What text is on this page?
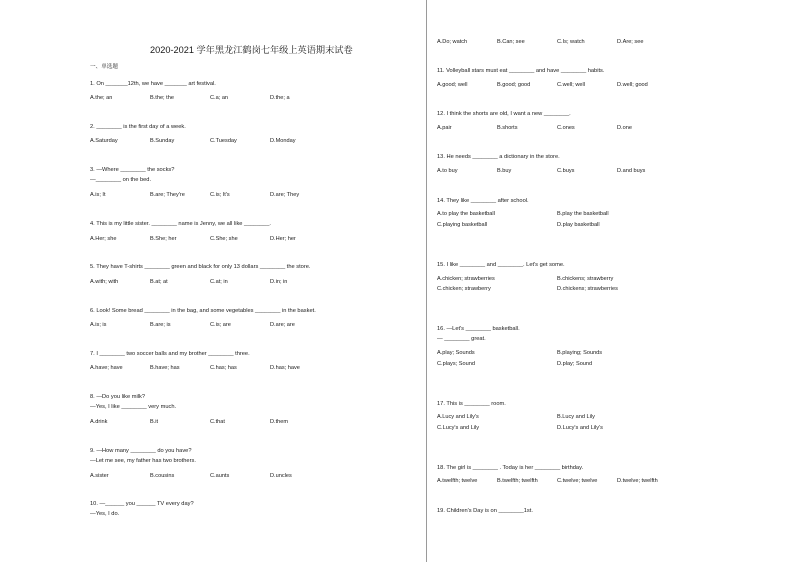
2020-2021 学年黑龙江鹤岗七年级上英语期末试卷
一、单选题
1. On _______12th, we have _______ art festival.
A.the; an	B.the; the	C.a; an	D.the; a
2. ________ is the first day of a week.
A.Saturday	B.Sunday	C.Tuesday	D.Monday
3. —Where ________ the socks?
—________ on the bed.
A.is; It	B.are; They're	C.is; It's	D.are; They
4. This is my little sister. ________ name is Jenny, we all like ________.
A.Her; she	B.She; her	C.She; she	D.Her; her
5. They have T-shirts ________ green and black for only 13 dollars ________ the store.
A.with; with	B.at; at	C.at; in	D.in; in
6. Look! Some bread ________ in the bag, and some vegetables ________ in the basket.
A.is; is	B.are; is	C.is; are	D.are; are
7. I ________ two soccer balls and my brother ________ three.
A.have; have	B.have; has	C.has; has	D.has; have
8. —Do you like milk?
—Yes, I like ________ very much.
A.drink	B.it	C.that	D.them
9. —How many ________ do you have?
—Let me see, my father has two brothers.
A.sister	B.cousins	C.aunts	D.uncles
10. —______ you ______ TV every day?
—Yes, I do.
A.Do; watch	B.Can; see	C.Is; watch	D.Are; see
11. Volleyball stars must eat ________ and have ________ habits.
A.good; well	B.good; good	C.well; well	D.well; good
12. I think the shorts are old, I want a new ________.
A.pair	B.shorts	C.ones	D.one
13. He needs ________ a dictionary in the store.
A.to buy	B.buy	C.buys	D.and buys
14. They like ________ after school.
A.to play the basketball	B.play the basketball
C.playing basketball	D.play basketball
15. I like ________ and ________. Let's get some.
A.chicken; strawberries	B.chickens; strawberry
C.chicken; strawberry	D.chickens; strawberries
16. —Let's ________ basketball.
— ________ great.
A.play; Sounds	B.playing; Sounds
C.plays; Sound	D.play; Sound
17. This is ________ room.
A.Lucy and Lily's	B.Lucy and Lily
C.Lucy's and Lily	D.Lucy's and Lily's
18. The girl is ________ . Today is her ________ birthday.
A.twelfth; twelve	B.twelfth; twelfth	C.twelve; twelve	D.twelve; twelfth
19. Children's Day is on ________1st.
